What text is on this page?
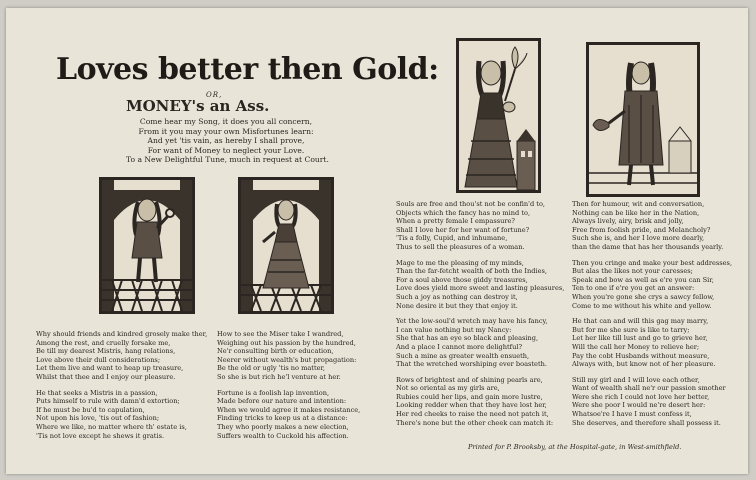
Loves better then Gold:
OR,
MONEY's an Ass.
Come hear my Song, it does you all concern,
From it you may your own Misfortunes learn:
And yet 'tis vain, as hereby I shall prove,
For want of Money to neglect your Love.
To a New Delightful Tune, much in request at Court.
Why should friends and kindred grosely make ther,
Among the rest, and cruelly forsake me,
Be till my dearest Mistris, hang relations,
Love above their dull considerations;
Let them live and want to heap up treasure,
Whilst that thee and I enjoy our pleasure.
He that seeks a Mistris in a passion,
Puts himself to rule with damn'd extortion;
If he must be bu'd to capulation,
Not upon his love, 'tis out of fashion;
Where we like, no matter where th' estate is,
'Tis not love except he shews it gratis.
How to see the Miser take I wandred,
Weighing out his passion by the hundred,
Ne'r consulting birth or education,
Neerer without wealth's but propagation:
Be the old or ugly 'tis no matter,
So she is but rich he'l venture at her.
Fortune is a foolish lap invention,
Made before our nature and intention:
When we would agree it makes resistance,
Finding tricks to keep us at a distance:
They who poorly makes a new election,
Suffers wealth to Cuckold his affection.
Souls are free and thou'st not be confin'd to,
Objects which the fancy has no mind to,
When a pretty female I empassure?
Shall I love her for her want of fortune?
'Tis a folly, Cupid, and inhumane,
Thus to sell the pleasures of a woman.
Mage to me the pleasing of my minds,
Than the far-fetcht wealth of both the Indies,
For a soul above those giddy treasures,
Love does yield more sweet and lasting pleasures,
Such a joy as nothing can destroy it,
None desire it but they that enjoy it.
Yet the low-soul'd wretch may have his fancy,
I can value nothing but my Nancy:
She that has an eye so black and pleasing,
And a place I cannot more delightful?
Such a mine as greater wealth ensueth,
That the wretched worshiping ever boasteth.
Rows of brightest and of shining pearls are,
Not so oriental as my girls are,
Rubies could her lips, and gain more lustre,
Looking redder when that they have lost her,
Her red cheeks to raise the need not patch it,
There's none but the other cheek can match it:
Then for humour, wit and conversation,
Nothing can be like her in the Nation,
Always lively, airy, brisk and jolly,
Free from foolish pride, and Melancholy?
Such she is, and her I love more dearly,
than the dame that has her thousands yearly.
Then you cringe and make your best addresses,
But alas the likes not your caresses;
Speak and bow as well as e're you can Sir,
Ten to one if e're you get an answer:
When you're gone she crys a sawcy fellow,
Come to me without his white and yellow.
He that can and will this gag may marry,
But for me she sure is like to tarry;
Let her like till lust and go to grieve her,
Will the call her Money to relieve her;
Pay the cobt Husbands without measure,
Always with, but know not of her pleasure.
Still my girl and I will love each other,
Want of wealth shall ne'r our passion smother
Were she rich I could not love her better,
Were she poor I would ne're desert her:
Whatsoe're I have I must confess it,
She deserves, and therefore shall possess it.
Printed for P. Brooksby, at the Hospital-gate, in West-smithfield.
